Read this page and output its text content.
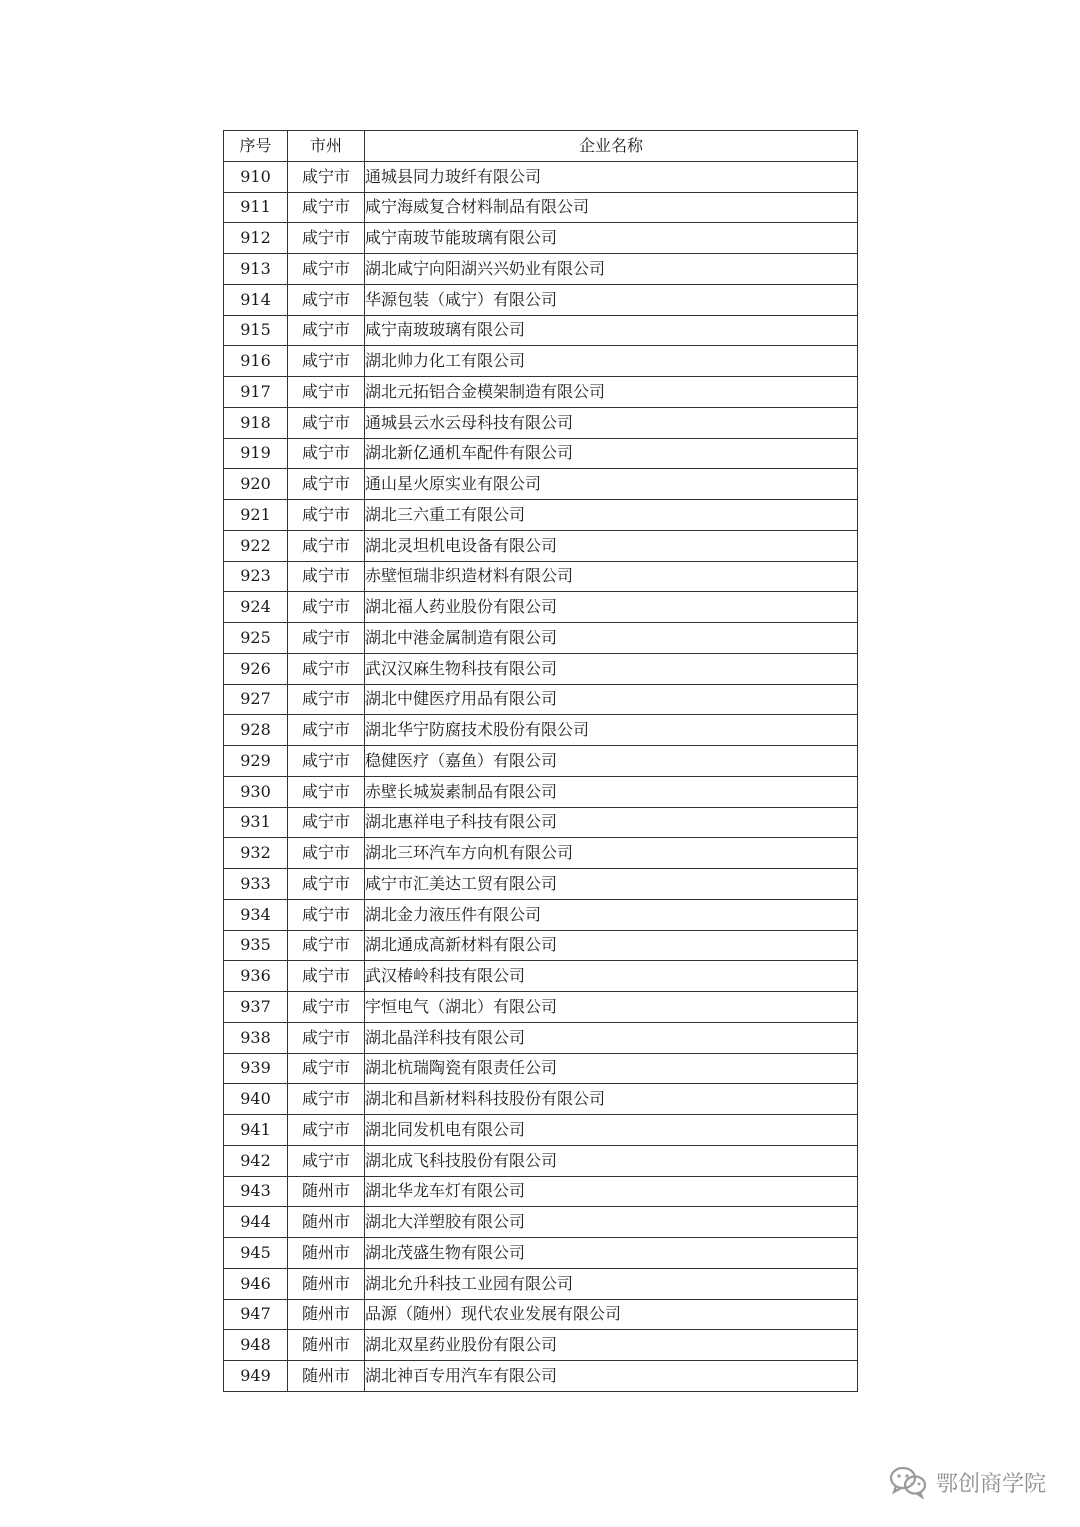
序号	市州	企业名称
910	咸宁市	通城县同力玻纤有限公司
911	咸宁市	咸宁海威复合材料制品有限公司
912	咸宁市	咸宁南玻节能玻璃有限公司
913	咸宁市	湖北咸宁向阳湖兴兴奶业有限公司
914	咸宁市	华源包装（咸宁）有限公司
915	咸宁市	咸宁南玻玻璃有限公司
916	咸宁市	湖北帅力化工有限公司
917	咸宁市	湖北元拓铝合金模架制造有限公司
918	咸宁市	通城县云水云母科技有限公司
919	咸宁市	湖北新亿通机车配件有限公司
920	咸宁市	通山星火原实业有限公司
921	咸宁市	湖北三六重工有限公司
922	咸宁市	湖北灵坦机电设备有限公司
923	咸宁市	赤壁恒瑞非织造材料有限公司
924	咸宁市	湖北福人药业股份有限公司
925	咸宁市	湖北中港金属制造有限公司
926	咸宁市	武汉汉麻生物科技有限公司
927	咸宁市	湖北中健医疗用品有限公司
928	咸宁市	湖北华宁防腐技术股份有限公司
929	咸宁市	稳健医疗（嘉鱼）有限公司
930	咸宁市	赤壁长城炭素制品有限公司
931	咸宁市	湖北惠祥电子科技有限公司
932	咸宁市	湖北三环汽车方向机有限公司
933	咸宁市	咸宁市汇美达工贸有限公司
934	咸宁市	湖北金力液压件有限公司
935	咸宁市	湖北通成高新材料有限公司
936	咸宁市	武汉椿岭科技有限公司
937	咸宁市	宇恒电气（湖北）有限公司
938	咸宁市	湖北晶洋科技有限公司
939	咸宁市	湖北杭瑞陶瓷有限责任公司
940	咸宁市	湖北和昌新材料科技股份有限公司
941	咸宁市	湖北同发机电有限公司
942	咸宁市	湖北成飞科技股份有限公司
943	随州市	湖北华龙车灯有限公司
944	随州市	湖北大洋塑胶有限公司
945	随州市	湖北茂盛生物有限公司
946	随州市	湖北允升科技工业园有限公司
947	随州市	品源（随州）现代农业发展有限公司
948	随州市	湖北双星药业股份有限公司
949	随州市	湖北神百专用汽车有限公司
鄂创商学院
